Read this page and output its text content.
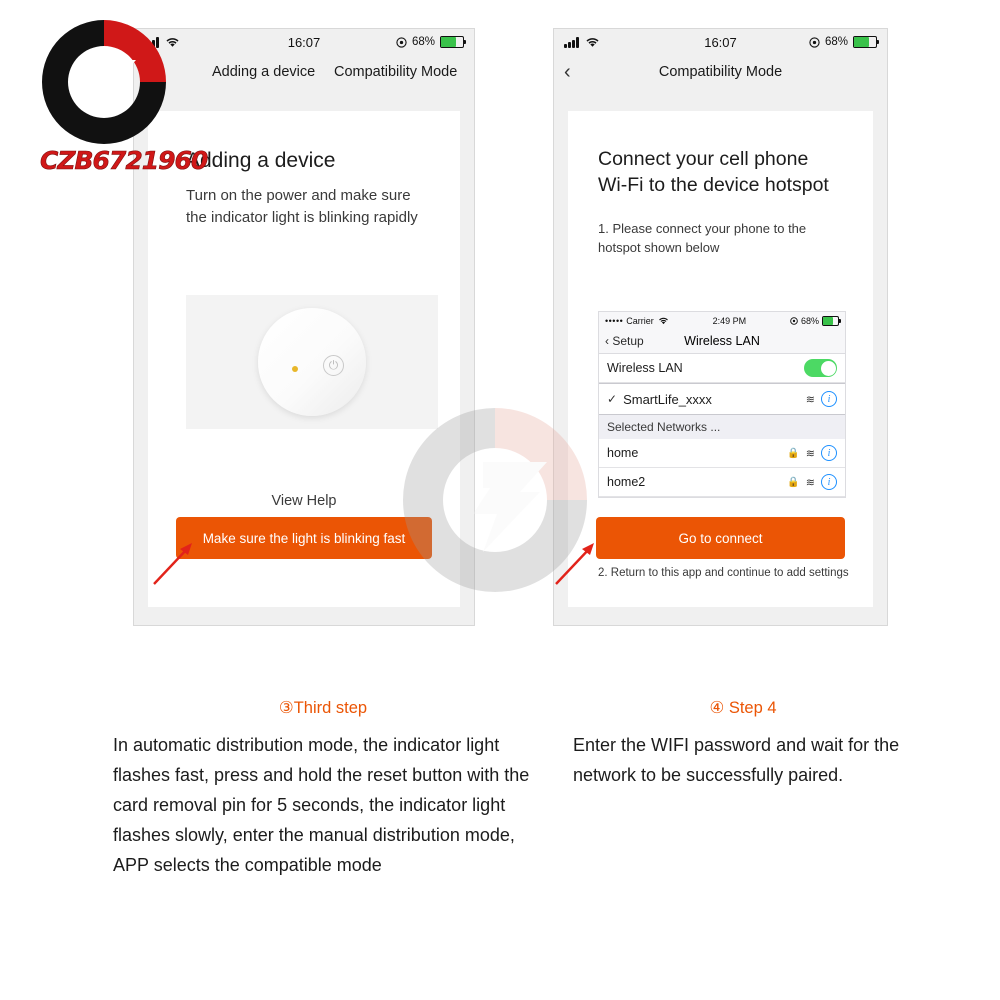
16:07	68%
Adding a device Compatibility Mode
Adding a device

Turn on the power and make sure the indicator light is blinking rapidly

⏻
View Help
Make sure the light is blinking fast
16:07	68%
‹	Compatibility Mode
Connect your cell phone Wi-Fi to the device hotspot

1. Please connect your phone to the hotspot shown below

••••• Carrier	2:49 PM	68%
‹ Setup	Wireless LAN
Wireless LAN
✓ SmartLife_xxxx	≋	i
Selected Networks ...
home	🔒 ≋	i
home2	🔒 ≋	i

2. Return to this app and continue to add settings

Go to connect
CZB6721960

③Third step

In automatic distribution mode, the indicator light flashes fast, press and hold the reset button with the card removal pin for 5 seconds, the indicator light flashes slowly, enter the manual distribution mode, APP selects the compatible mode

④ Step 4

Enter the WIFI password and wait for the network to be successfully paired.
